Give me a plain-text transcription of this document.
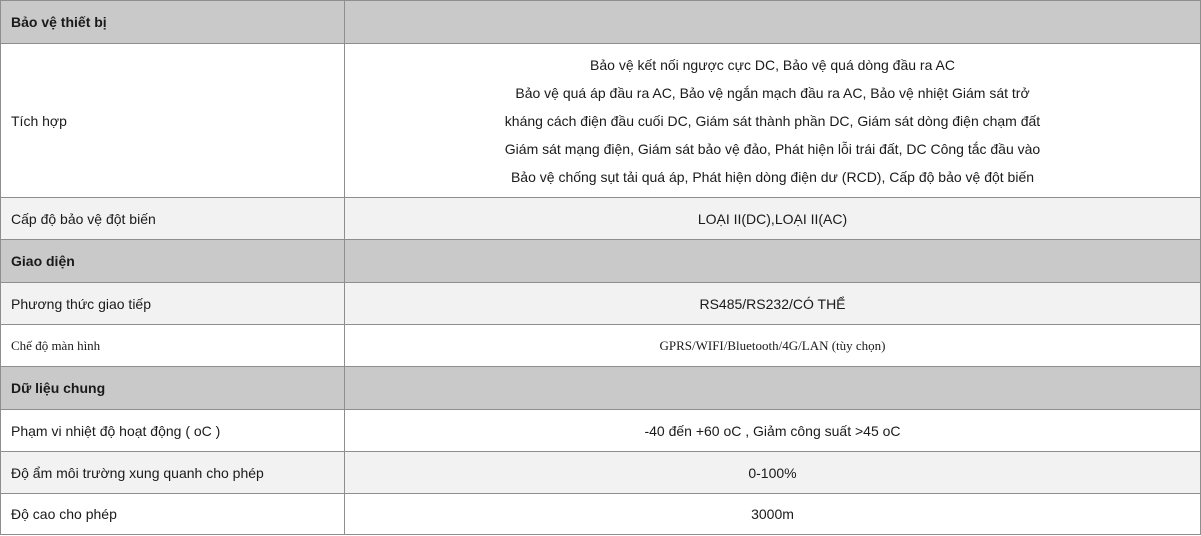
Bảo vệ thiết bị	
Tích hợp	Bảo vệ kết nối ngược cực DC, Bảo vệ quá dòng đầu ra AC
Bảo vệ quá áp đầu ra AC, Bảo vệ ngắn mạch đầu ra AC, Bảo vệ nhiệt Giám sát trở
kháng cách điện đầu cuối DC, Giám sát thành phần DC, Giám sát dòng điện chạm đất
Giám sát mạng điện, Giám sát bảo vệ đảo, Phát hiện lỗi trái đất, DC Công tắc đầu vào
Bảo vệ chống sụt tải quá áp, Phát hiện dòng điện dư (RCD), Cấp độ bảo vệ đột biến

Cấp độ bảo vệ đột biến	LOẠI II(DC),LOẠI II(AC)
Giao diện	
Phương thức giao tiếp	RS485/RS232/CÓ THỂ
Chế độ màn hình	GPRS/WIFI/Bluetooth/4G/LAN (tùy chọn)
Dữ liệu chung	
Phạm vi nhiệt độ hoạt động ( oC )	-40 đến +60 oC , Giảm công suất >45 oC
Độ ẩm môi trường xung quanh cho phép	0-100%
Độ cao cho phép	3000m
